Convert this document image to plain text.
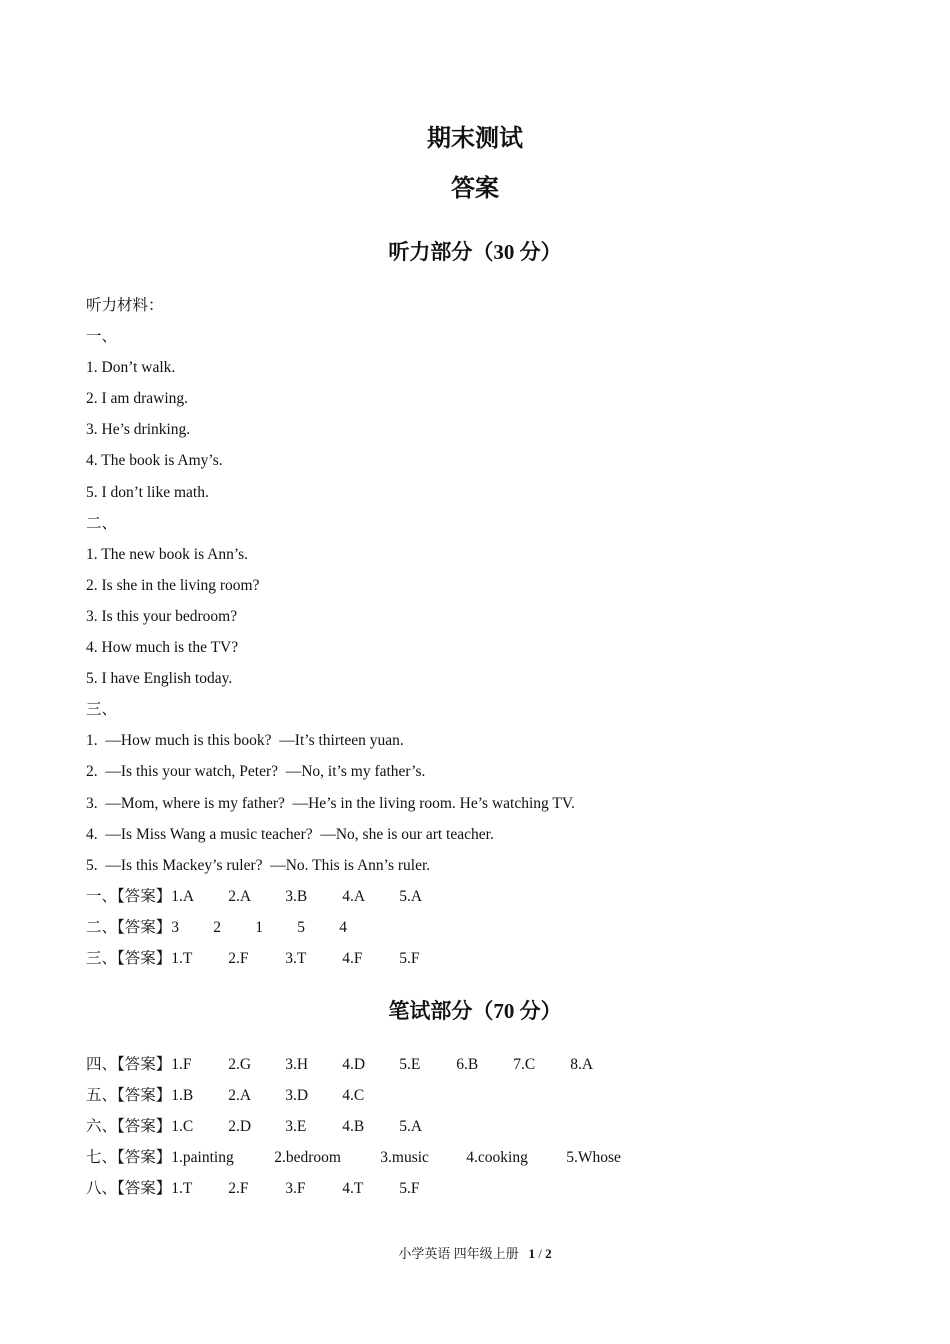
期末测试
答案
听力部分（30 分）
听力材料：
一、
1. Don’t walk.
2. I am drawing.
3. He’s drinking.
4. The book is Amy’s.
5. I don’t like math.
二、
1. The new book is Ann’s.
2. Is she in the living room?
3. Is this your bedroom?
4. How much is the TV?
5. I have English today.
三、
1.  —How much is this book?  —It’s thirteen yuan.
2.  —Is this your watch, Peter?  —No, it’s my father’s.
3.  —Mom, where is my father?  —He’s in the living room. He’s watching TV.
4.  —Is Miss Wang a music teacher?  —No, she is our art teacher.
5.  —Is this Mackey’s ruler?  —No. This is Ann’s ruler.
一、【答案】 1.A	2.A	3.B	4.A	5.A
二、【答案】 3	2	1	5	4
三、【答案】 1.T	2.F	3.T	4.F	5.F
笔试部分（70 分）
四、【答案】 1.F	2.G	3.H	4.D	5.E	6.B	7.C	8.A
五、【答案】 1.B	2.A	3.D	4.C
六、【答案】 1.C	2.D	3.E	4.B	5.A
七、【答案】 1.painting	2.bedroom	3.music	4.cooking	5.Whose
八、【答案】 1.T	2.F	3.F	4.T	5.F
小学英语 四年级上册 1 / 2
